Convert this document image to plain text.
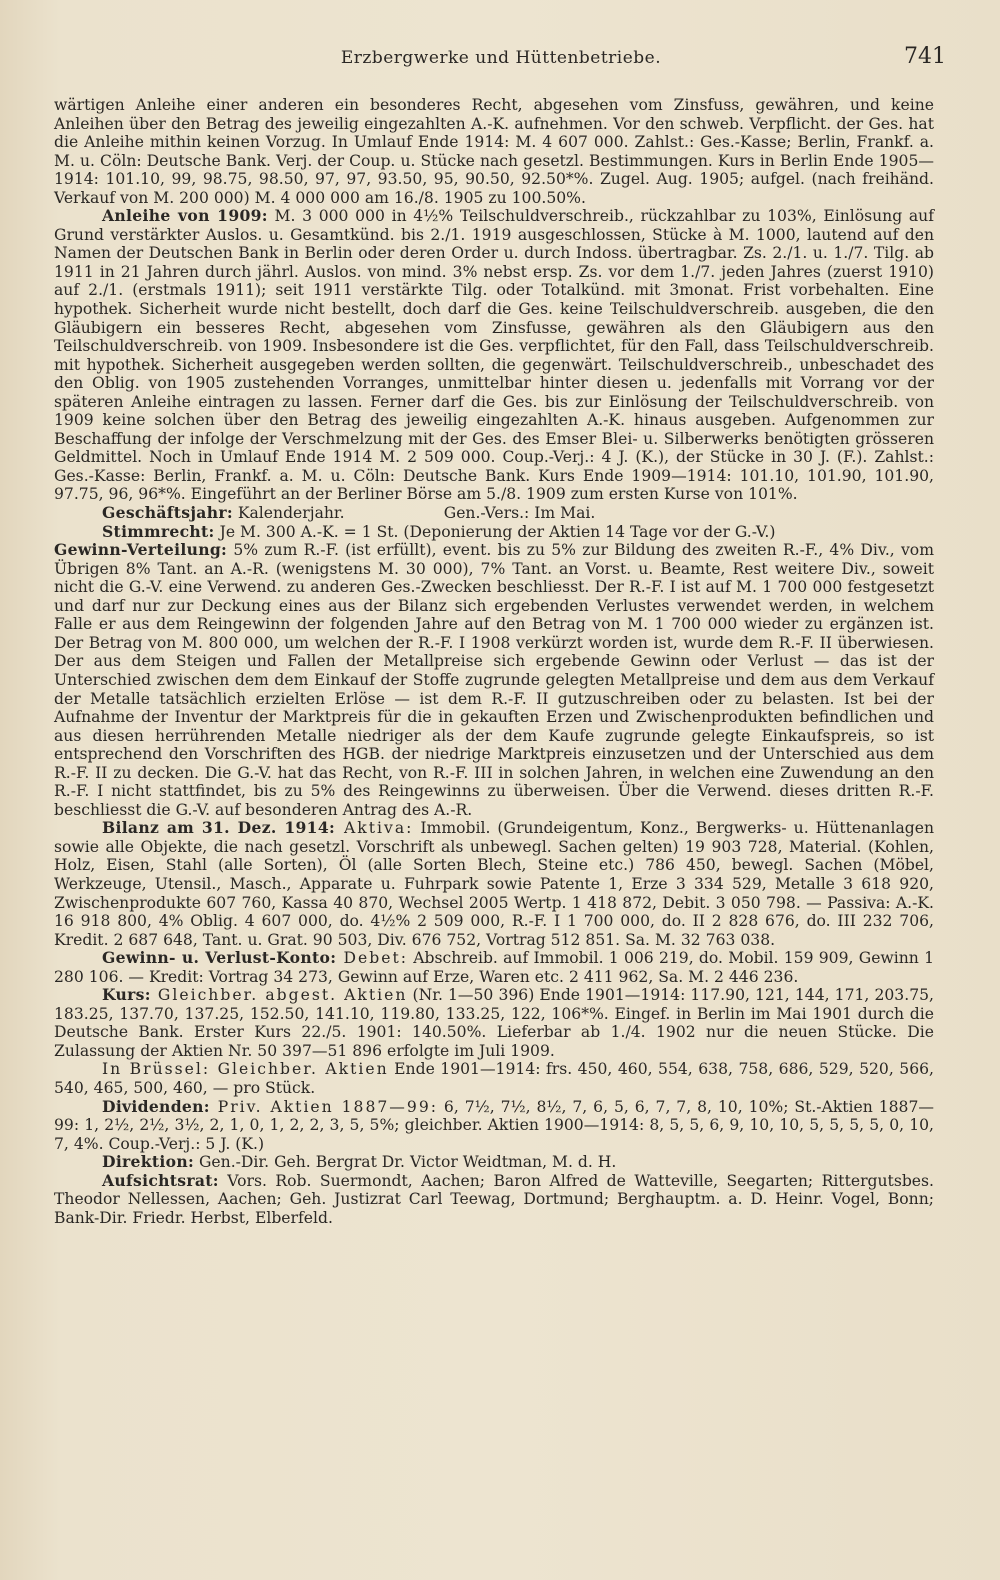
Erzbergwerke und Hüttenbetriebe.	741

wärtigen Anleihe einer anderen ein besonderes Recht, abgesehen vom Zinsfuss, gewähren, und keine Anleihen über den Betrag des jeweilig eingezahlten A.-K. aufnehmen. Vor den schweb. Verpflicht. der Ges. hat die Anleihe mithin keinen Vorzug. In Umlauf Ende 1914: M. 4 607 000. Zahlst.: Ges.-Kasse; Berlin, Frankf. a. M. u. Cöln: Deutsche Bank. Verj. der Coup. u. Stücke nach gesetzl. Bestimmungen. Kurs in Berlin Ende 1905—1914: 101.10, 99, 98.75, 98.50, 97, 97, 93.50, 95, 90.50, 92.50*%. Zugel. Aug. 1905; aufgel. (nach freihänd. Verkauf von M. 200 000) M. 4 000 000 am 16./8. 1905 zu 100.50%.

Anleihe von 1909: M. 3 000 000 in 4½% Teilschuldverschreib., rückzahlbar zu 103%, Einlösung auf Grund verstärkter Auslos. u. Gesamtkünd. bis 2./1. 1919 ausgeschlossen, Stücke à M. 1000, lautend auf den Namen der Deutschen Bank in Berlin oder deren Order u. durch Indoss. übertragbar. Zs. 2./1. u. 1./7. Tilg. ab 1911 in 21 Jahren durch jährl. Auslos. von mind. 3% nebst ersp. Zs. vor dem 1./7. jeden Jahres (zuerst 1910) auf 2./1. (erstmals 1911); seit 1911 verstärkte Tilg. oder Totalkünd. mit 3monat. Frist vorbehalten. Eine hypothek. Sicherheit wurde nicht bestellt, doch darf die Ges. keine Teilschuldverschreib. ausgeben, die den Gläubigern ein besseres Recht, abgesehen vom Zinsfusse, gewähren als den Gläubigern aus den Teilschuldverschreib. von 1909. Insbesondere ist die Ges. verpflichtet, für den Fall, dass Teilschuldverschreib. mit hypothek. Sicherheit ausgegeben werden sollten, die gegenwärt. Teilschuldverschreib., unbeschadet des den Oblig. von 1905 zustehenden Vorranges, unmittelbar hinter diesen u. jedenfalls mit Vorrang vor der späteren Anleihe eintragen zu lassen. Ferner darf die Ges. bis zur Einlösung der Teilschuldverschreib. von 1909 keine solchen über den Betrag des jeweilig eingezahlten A.-K. hinaus ausgeben. Aufgenommen zur Beschaffung der infolge der Verschmelzung mit der Ges. des Emser Blei- u. Silberwerks benötigten grösseren Geldmittel. Noch in Umlauf Ende 1914 M. 2 509 000. Coup.-Verj.: 4 J. (K.), der Stücke in 30 J. (F.). Zahlst.: Ges.-Kasse: Berlin, Frankf. a. M. u. Cöln: Deutsche Bank. Kurs Ende 1909—1914: 101.10, 101.90, 101.90, 97.75, 96, 96*%. Eingeführt an der Berliner Börse am 5./8. 1909 zum ersten Kurse von 101%.

Geschäftsjahr: Kalenderjahr.                    Gen.-Vers.: Im Mai.

Stimmrecht: Je M. 300 A.-K. = 1 St. (Deponierung der Aktien 14 Tage vor der G.-V.)

Gewinn-Verteilung: 5% zum R.-F. (ist erfüllt), event. bis zu 5% zur Bildung des zweiten R.-F., 4% Div., vom Übrigen 8% Tant. an A.-R. (wenigstens M. 30 000), 7% Tant. an Vorst. u. Beamte, Rest weitere Div., soweit nicht die G.-V. eine Verwend. zu anderen Ges.-Zwecken beschliesst. Der R.-F. I ist auf M. 1 700 000 festgesetzt und darf nur zur Deckung eines aus der Bilanz sich ergebenden Verlustes verwendet werden, in welchem Falle er aus dem Reingewinn der folgenden Jahre auf den Betrag von M. 1 700 000 wieder zu ergänzen ist. Der Betrag von M. 800 000, um welchen der R.-F. I 1908 verkürzt worden ist, wurde dem R.-F. II überwiesen. Der aus dem Steigen und Fallen der Metallpreise sich ergebende Gewinn oder Verlust — das ist der Unterschied zwischen dem dem Einkauf der Stoffe zugrunde gelegten Metallpreise und dem aus dem Verkauf der Metalle tatsächlich erzielten Erlöse — ist dem R.-F. II gutzuschreiben oder zu belasten. Ist bei der Aufnahme der Inventur der Marktpreis für die in gekauften Erzen und Zwischenprodukten befindlichen und aus diesen herrührenden Metalle niedriger als der dem Kaufe zugrunde gelegte Einkaufspreis, so ist entsprechend den Vorschriften des HGB. der niedrige Marktpreis einzusetzen und der Unterschied aus dem R.-F. II zu decken. Die G.-V. hat das Recht, von R.-F. III in solchen Jahren, in welchen eine Zuwendung an den R.-F. I nicht stattfindet, bis zu 5% des Reingewinns zu überweisen. Über die Verwend. dieses dritten R.-F. beschliesst die G.-V. auf besonderen Antrag des A.-R.

Bilanz am 31. Dez. 1914: Aktiva: Immobil. (Grundeigentum, Konz., Bergwerks- u. Hüttenanlagen sowie alle Objekte, die nach gesetzl. Vorschrift als unbewegl. Sachen gelten) 19 903 728, Material. (Kohlen, Holz, Eisen, Stahl (alle Sorten), Öl (alle Sorten Blech, Steine etc.) 786 450, bewegl. Sachen (Möbel, Werkzeuge, Utensil., Masch., Apparate u. Fuhrpark sowie Patente 1, Erze 3 334 529, Metalle 3 618 920, Zwischenprodukte 607 760, Kassa 40 870, Wechsel 2005 Wertp. 1 418 872, Debit. 3 050 798. — Passiva: A.-K. 16 918 800, 4% Oblig. 4 607 000, do. 4½% 2 509 000, R.-F. I 1 700 000, do. II 2 828 676, do. III 232 706, Kredit. 2 687 648, Tant. u. Grat. 90 503, Div. 676 752, Vortrag 512 851. Sa. M. 32 763 038.

Gewinn- u. Verlust-Konto: Debet: Abschreib. auf Immobil. 1 006 219, do. Mobil. 159 909, Gewinn 1 280 106. — Kredit: Vortrag 34 273, Gewinn auf Erze, Waren etc. 2 411 962, Sa. M. 2 446 236.

Kurs: Gleichber. abgest. Aktien (Nr. 1—50 396) Ende 1901—1914: 117.90, 121, 144, 171, 203.75, 183.25, 137.70, 137.25, 152.50, 141.10, 119.80, 133.25, 122, 106*%. Eingef. in Berlin im Mai 1901 durch die Deutsche Bank. Erster Kurs 22./5. 1901: 140.50%. Lieferbar ab 1./4. 1902 nur die neuen Stücke. Die Zulassung der Aktien Nr. 50 397—51 896 erfolgte im Juli 1909.

In Brüssel: Gleichber. Aktien Ende 1901—1914: frs. 450, 460, 554, 638, 758, 686, 529, 520, 566, 540, 465, 500, 460, — pro Stück.

Dividenden: Priv. Aktien 1887—99: 6, 7½, 7½, 8½, 7, 6, 5, 6, 7, 7, 8, 10, 10%; St.-Aktien 1887—99: 1, 2½, 2½, 3½, 2, 1, 0, 1, 2, 2, 3, 5, 5%; gleichber. Aktien 1900—1914: 8, 5, 5, 6, 9, 10, 10, 5, 5, 5, 5, 0, 10, 7, 4%. Coup.-Verj.: 5 J. (K.)

Direktion: Gen.-Dir. Geh. Bergrat Dr. Victor Weidtman, M. d. H.

Aufsichtsrat: Vors. Rob. Suermondt, Aachen; Baron Alfred de Watteville, Seegarten; Rittergutsbes. Theodor Nellessen, Aachen; Geh. Justizrat Carl Teewag, Dortmund; Berghauptm. a. D. Heinr. Vogel, Bonn; Bank-Dir. Friedr. Herbst, Elberfeld.
